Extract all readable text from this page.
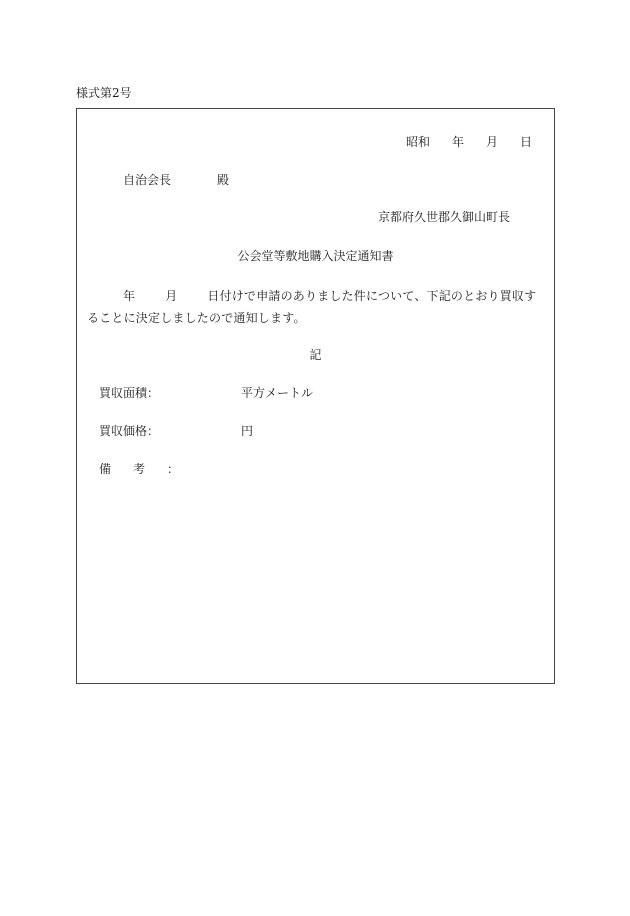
様式第2号
昭和 年 月 日
自治会長	殿
京都府久世郡久御山町長
公会堂等敷地購入決定通知書
年	月	日付けで申請のありました件について、下記のとおり買収することに決定しましたので通知します。
記
買収面積：	平方メートル
買収価格：	円
備考：
